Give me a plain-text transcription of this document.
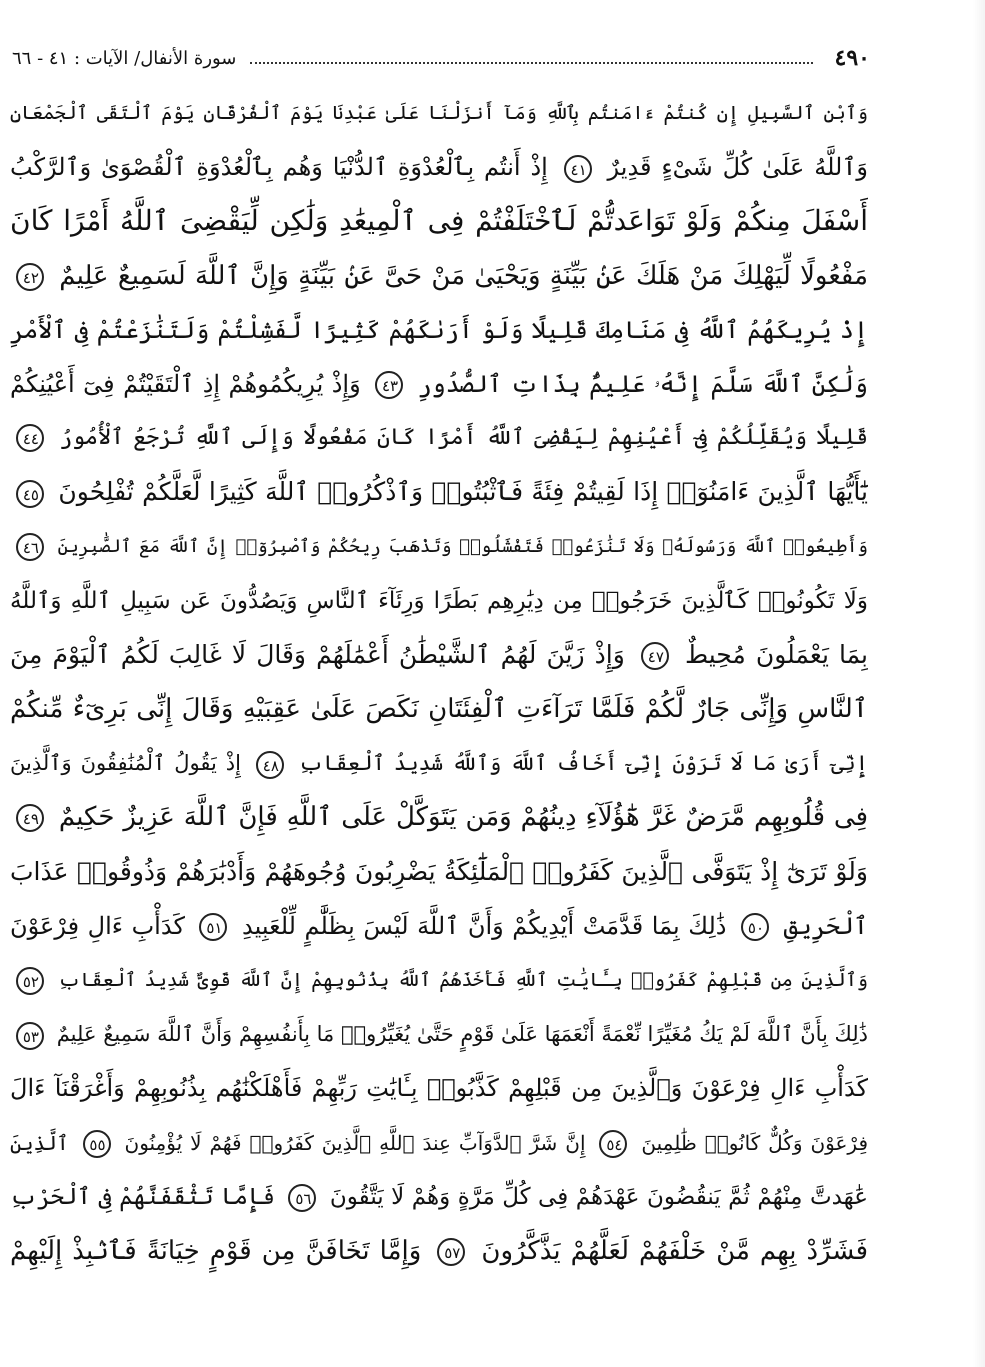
٤٩٠
سورة الأنفال/ الآيات : ٤١ - ٦٦
وَٱبْنِ ٱلسَّبِيلِ إِن كُنتُمْ ءَامَنتُم بِٱللَّهِ وَمَآ أَنزَلْنَا عَلَىٰ عَبْدِنَا يَوْمَ ٱلْفُرْقَانِ يَوْمَ ٱلْتَقَى ٱلْجَمْعَانِ
وَٱللَّهُ عَلَىٰ كُلِّ شَىْءٍ قَدِيرٌ ٤١ إِذْ أَنتُم بِٱلْعُدْوَةِ ٱلدُّنْيَا وَهُم بِٱلْعُدْوَةِ ٱلْقُصْوَىٰ وَٱلرَّكْبُ
أَسْفَلَ مِنكُمْ وَلَوْ تَوَاعَدتُّمْ لَٱخْتَلَفْتُمْ فِى ٱلْمِيعَٰدِ وَلَٰكِن لِّيَقْضِىَ ٱللَّهُ أَمْرًا كَانَ
مَفْعُولًا لِّيَهْلِكَ مَنْ هَلَكَ عَنۢ بَيِّنَةٍ وَيَحْيَىٰ مَنْ حَىَّ عَنۢ بَيِّنَةٍ وَإِنَّ ٱللَّهَ لَسَمِيعٌ عَلِيمٌ ٤٢
إِذْ يُرِيكَهُمُ ٱللَّهُ فِى مَنَامِكَ قَلِيلًا وَلَوْ أَرَىٰكَهُمْ كَثِيرًا لَّفَشِلْتُمْ وَلَتَنَٰزَعْتُمْ فِى ٱلْأَمْرِ
وَلَٰكِنَّ ٱللَّهَ سَلَّمَ إِنَّهُۥ عَلِيمٌۢ بِذَاتِ ٱلصُّدُورِ ٤٣ وَإِذْ يُرِيكُمُوهُمْ إِذِ ٱلْتَقَيْتُمْ فِىٓ أَعْيُنِكُمْ
قَلِيلًا وَيُقَلِّلُكُمْ فِىٓ أَعْيُنِهِمْ لِيَقْضِىَ ٱللَّهُ أَمْرًا كَانَ مَفْعُولًا وَإِلَى ٱللَّهِ تُرْجَعُ ٱلْأُمُورُ ٤٤
يَٰٓأَيُّهَا ٱلَّذِينَ ءَامَنُوٓا۟ إِذَا لَقِيتُمْ فِئَةً فَٱثْبُتُوا۟ وَٱذْكُرُوا۟ ٱللَّهَ كَثِيرًا لَّعَلَّكُمْ تُفْلِحُونَ ٤٥
وَأَطِيعُوا۟ ٱللَّهَ وَرَسُولَهُۥ وَلَا تَنَٰزَعُوا۟ فَتَفْشَلُوا۟ وَتَذْهَبَ رِيحُكُمْ وَٱصْبِرُوٓا۟ إِنَّ ٱللَّهَ مَعَ ٱلصَّٰبِرِينَ ٤٦
وَلَا تَكُونُوا۟ كَٱلَّذِينَ خَرَجُوا۟ مِن دِيَٰرِهِم بَطَرًا وَرِئَآءَ ٱلنَّاسِ وَيَصُدُّونَ عَن سَبِيلِ ٱللَّهِ وَٱللَّهُ
بِمَا يَعْمَلُونَ مُحِيطٌ ٤٧ وَإِذْ زَيَّنَ لَهُمُ ٱلشَّيْطَٰنُ أَعْمَٰلَهُمْ وَقَالَ لَا غَالِبَ لَكُمُ ٱلْيَوْمَ مِنَ
ٱلنَّاسِ وَإِنِّى جَارٌ لَّكُمْ فَلَمَّا تَرَآءَتِ ٱلْفِئَتَانِ نَكَصَ عَلَىٰ عَقِبَيْهِ وَقَالَ إِنِّى بَرِىٓءٌ مِّنكُمْ
إِنِّىٓ أَرَىٰ مَا لَا تَرَوْنَ إِنِّىٓ أَخَافُ ٱللَّهَ وَٱللَّهُ شَدِيدُ ٱلْعِقَابِ ٤٨ إِذْ يَقُولُ ٱلْمُنَٰفِقُونَ وَٱلَّذِينَ
فِى قُلُوبِهِم مَّرَضٌ غَرَّ هَٰٓؤُلَآءِ دِينُهُمْ وَمَن يَتَوَكَّلْ عَلَى ٱللَّهِ فَإِنَّ ٱللَّهَ عَزِيزٌ حَكِيمٌ ٤٩
وَلَوْ تَرَىٰٓ إِذْ يَتَوَفَّى ٱلَّذِينَ كَفَرُوا۟ ٱلْمَلَٰٓئِكَةُ يَضْرِبُونَ وُجُوهَهُمْ وَأَدْبَٰرَهُمْ وَذُوقُوا۟ عَذَابَ
ٱلْحَرِيقِ ٥٠ ذَٰلِكَ بِمَا قَدَّمَتْ أَيْدِيكُمْ وَأَنَّ ٱللَّهَ لَيْسَ بِظَلَّٰمٍ لِّلْعَبِيدِ ٥١ كَدَأْبِ ءَالِ فِرْعَوْنَ
وَٱلَّذِينَ مِن قَبْلِهِمْ كَفَرُوا۟ بِـَٔايَٰتِ ٱللَّهِ فَأَخَذَهُمُ ٱللَّهُ بِذُنُوبِهِمْ إِنَّ ٱللَّهَ قَوِىٌّ شَدِيدُ ٱلْعِقَابِ ٥٢
ذَٰلِكَ بِأَنَّ ٱللَّهَ لَمْ يَكُ مُغَيِّرًا نِّعْمَةً أَنْعَمَهَا عَلَىٰ قَوْمٍ حَتَّىٰ يُغَيِّرُوا۟ مَا بِأَنفُسِهِمْ وَأَنَّ ٱللَّهَ سَمِيعٌ عَلِيمٌ ٥٣
كَدَأْبِ ءَالِ فِرْعَوْنَ وَٱلَّذِينَ مِن قَبْلِهِمْ كَذَّبُوا۟ بِـَٔايَٰتِ رَبِّهِمْ فَأَهْلَكْنَٰهُم بِذُنُوبِهِمْ وَأَغْرَقْنَآ ءَالَ
فِرْعَوْنَ وَكُلٌّ كَانُوا۟ ظَٰلِمِينَ ٥٤ إِنَّ شَرَّ ٱلدَّوَآبِّ عِندَ ٱللَّهِ ٱلَّذِينَ كَفَرُوا۟ فَهُمْ لَا يُؤْمِنُونَ ٥٥ ٱلَّذِينَ
عَٰهَدتَّ مِنْهُمْ ثُمَّ يَنقُضُونَ عَهْدَهُمْ فِى كُلِّ مَرَّةٍ وَهُمْ لَا يَتَّقُونَ ٥٦ فَإِمَّا تَثْقَفَنَّهُمْ فِى ٱلْحَرْبِ
فَشَرِّدْ بِهِم مَّنْ خَلْفَهُمْ لَعَلَّهُمْ يَذَّكَّرُونَ ٥٧ وَإِمَّا تَخَافَنَّ مِن قَوْمٍ خِيَانَةً فَٱنۢبِذْ إِلَيْهِمْ
